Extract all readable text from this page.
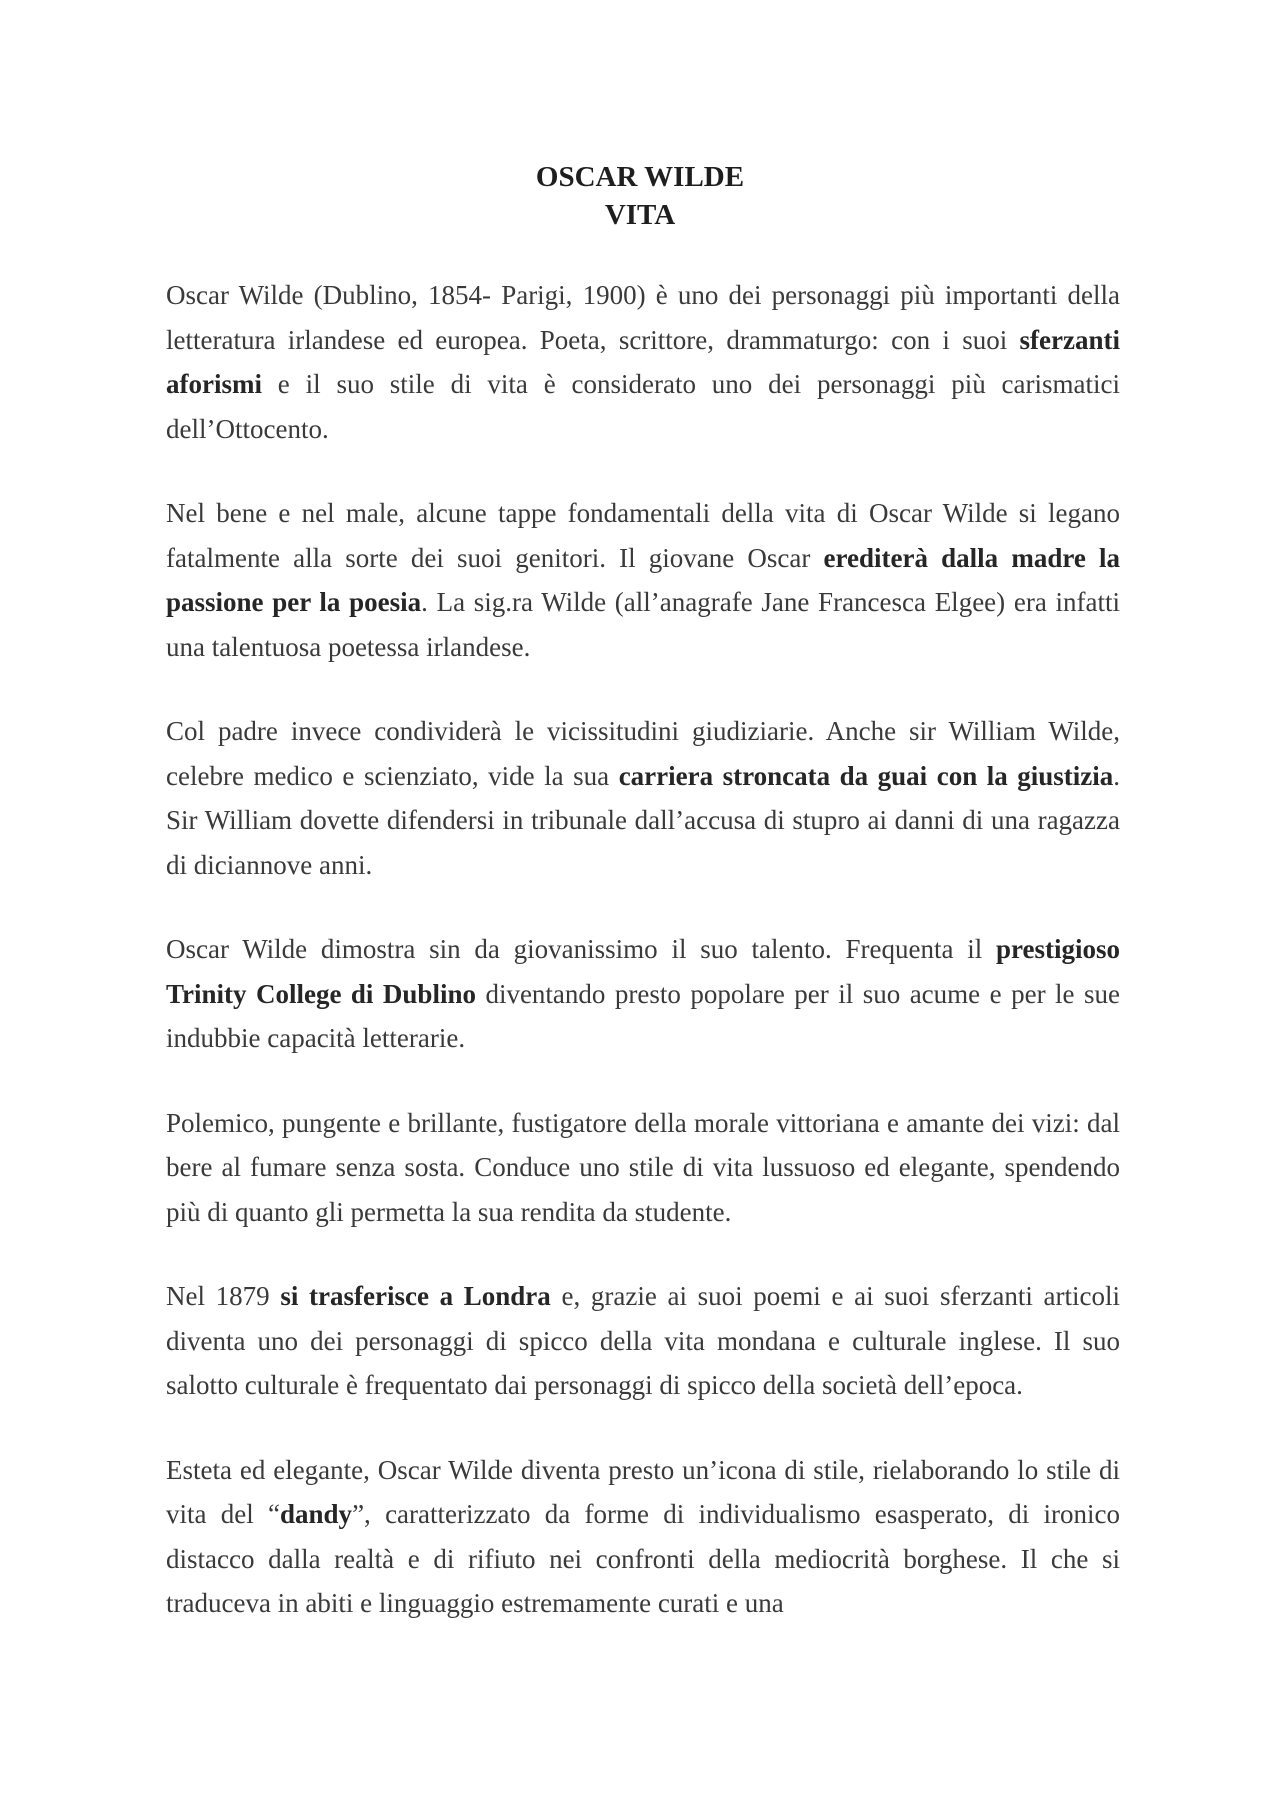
OSCAR WILDE
VITA

Oscar Wilde (Dublino, 1854- Parigi, 1900) è uno dei personaggi più importanti della letteratura irlandese ed europea. Poeta, scrittore, drammaturgo: con i suoi sferzanti aforismi e il suo stile di vita è considerato uno dei personaggi più carismatici dell’Ottocento.

Nel bene e nel male, alcune tappe fondamentali della vita di Oscar Wilde si legano fatalmente alla sorte dei suoi genitori. Il giovane Oscar erediterà dalla madre la passione per la poesia. La sig.ra Wilde (all’anagrafe Jane Francesca Elgee) era infatti una talentuosa poetessa irlandese.

Col padre invece condividerà le vicissitudini giudiziarie. Anche sir William Wilde, celebre medico e scienziato, vide la sua carriera stroncata da guai con la giustizia. Sir William dovette difendersi in tribunale dall’accusa di stupro ai danni di una ragazza di diciannove anni.

Oscar Wilde dimostra sin da giovanissimo il suo talento. Frequenta il prestigioso Trinity College di Dublino diventando presto popolare per il suo acume e per le sue indubbie capacità letterarie.

Polemico, pungente e brillante, fustigatore della morale vittoriana e amante dei vizi: dal bere al fumare senza sosta. Conduce uno stile di vita lussuoso ed elegante, spendendo più di quanto gli permetta la sua rendita da studente.

Nel 1879 si trasferisce a Londra e, grazie ai suoi poemi e ai suoi sferzanti articoli diventa uno dei personaggi di spicco della vita mondana e culturale inglese. Il suo salotto culturale è frequentato dai personaggi di spicco della società dell’epoca.

Esteta ed elegante, Oscar Wilde diventa presto un’icona di stile, rielaborando lo stile di vita del “dandy”, caratterizzato da forme di individualismo esasperato, di ironico distacco dalla realtà e di rifiuto nei confronti della mediocrità borghese. Il che si traduceva in abiti e linguaggio estremamente curati e una
